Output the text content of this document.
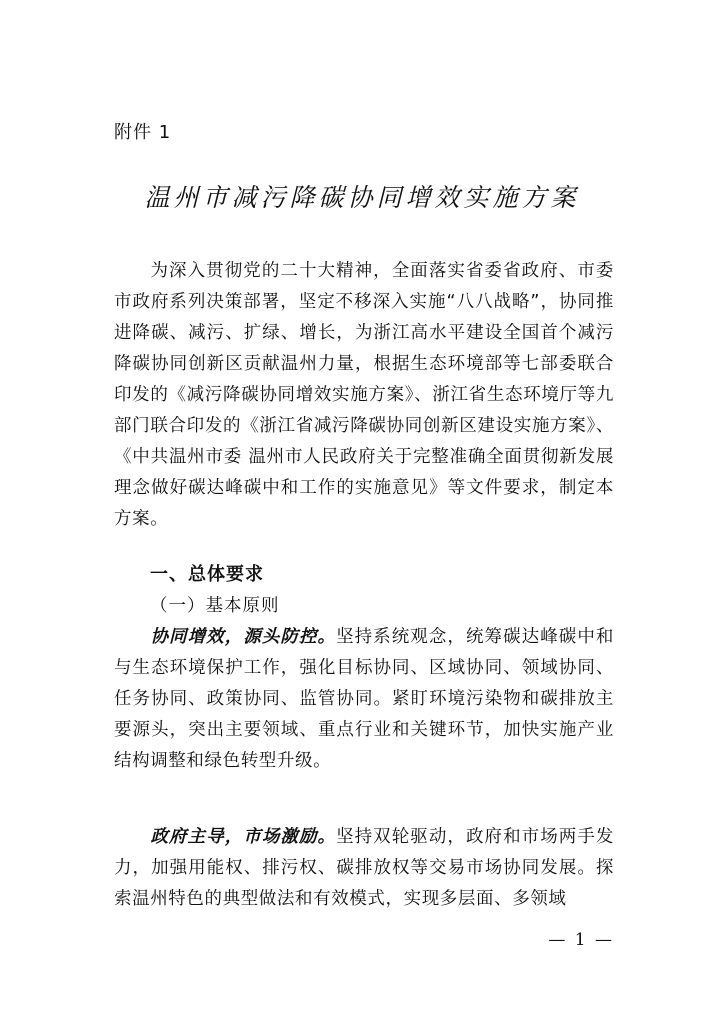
附件 1
温州市减污降碳协同增效实施方案
为深入贯彻党的二十大精神，全面落实省委省政府、市委市政府系列决策部署，坚定不移深入实施“八八战略”，协同推进降碳、减污、扩绿、增长，为浙江高水平建设全国首个减污降碳协同创新区贡献温州力量，根据生态环境部等七部委联合印发的《减污降碳协同增效实施方案》、浙江省生态环境厅等九部门联合印发的《浙江省减污降碳协同创新区建设实施方案》、《中共温州市委 温州市人民政府关于完整准确全面贯彻新发展理念做好碳达峰碳中和工作的实施意见》等文件要求，制定本方案。
一、总体要求
（一）基本原则
协同增效，源头防控。坚持系统观念，统筹碳达峰碳中和与生态环境保护工作，强化目标协同、区域协同、领域协同、任务协同、政策协同、监管协同。紧盯环境污染物和碳排放主要源头，突出主要领域、重点行业和关键环节，加快实施产业结构调整和绿色转型升级。
政府主导，市场激励。坚持双轮驱动，政府和市场两手发力，加强用能权、排污权、碳排放权等交易市场协同发展。探索温州特色的典型做法和有效模式，实现多层面、多领域
— 1 —
